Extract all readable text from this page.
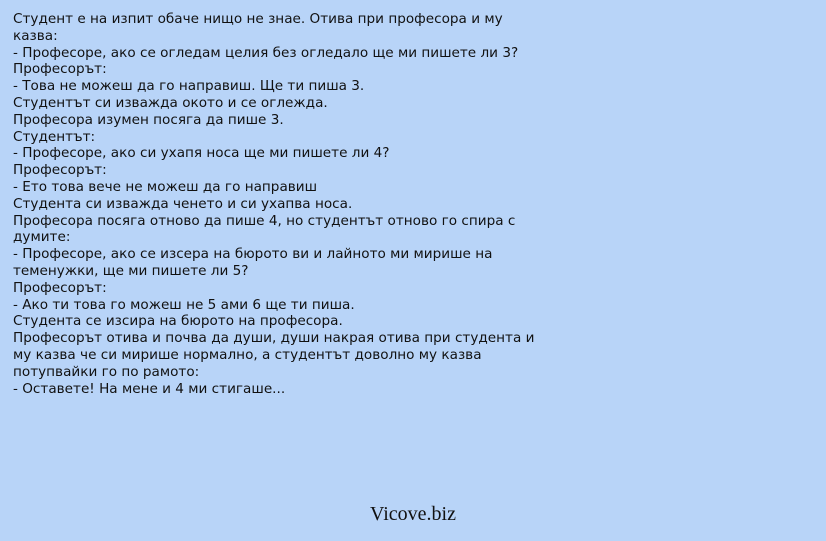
Студент е на изпит обаче нищо не знае. Отива при професора и му
казва:
- Професоре, ако се огледам целия без огледало ще ми пишете ли 3?
Професорът:
- Това не можеш да го направиш. Ще ти пиша 3.
Студентът си изважда окото и се оглежда.
Професора изумен посяга да пише 3.
Студентът:
- Професоре, ако си ухапя носа ще ми пишете ли 4?
Професорът:
- Ето това вече не можеш да го направиш
Студента си изважда ченето и си ухапва носа.
Професора посяга отново да пише 4, но студентът отново го спира с
думите:
- Професоре, ако се изсера на бюрото ви и лайното ми мирише на
теменужки, ще ми пишете ли 5?
Професорът:
- Ако ти това го можеш не 5 ами 6 ще ти пиша.
Студента се изсира на бюрото на професора.
Професорът отива и почва да души, души накрая отива при студента и
му казва че си мирише нормално, а студентът доволно му казва
потупвайки го по рамото:
- Оставете! На мене и 4 ми стигаше...
Vicove.biz
